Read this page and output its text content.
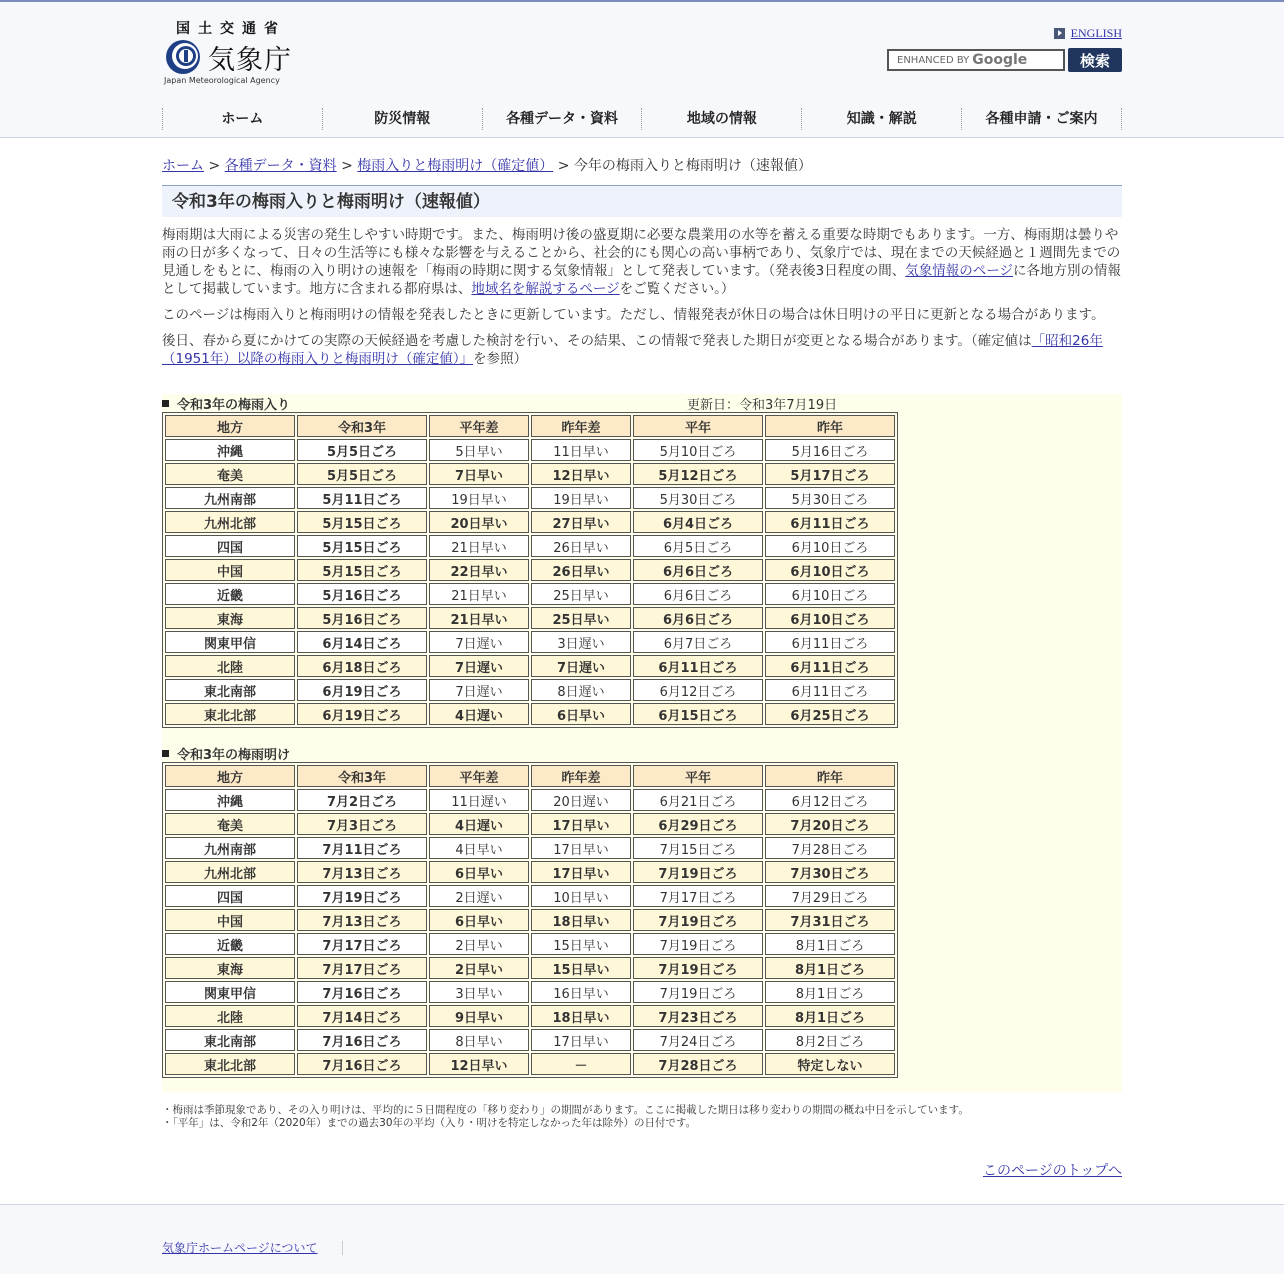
国土交通省
気象庁
Japan Meteorological Agency
ENGLISH
ENHANCED BY Google	検索
ホーム	防災情報	各種データ・資料	地域の情報	知識・解説	各種申請・ご案内
ホーム > 各種データ・資料 > 梅雨入りと梅雨明け（確定値） > 今年の梅雨入りと梅雨明け（速報値）
令和3年の梅雨入りと梅雨明け（速報値）

梅雨期は大雨による災害の発生しやすい時期です。また、梅雨明け後の盛夏期に必要な農業用の水等を蓄える重要な時期でもあります。一方、梅雨期は曇りや雨の日が多くなって、日々の生活等にも様々な影響を与えることから、社会的にも関心の高い事柄であり、気象庁では、現在までの天候経過と１週間先までの見通しをもとに、梅雨の入り明けの速報を「梅雨の時期に関する気象情報」として発表しています。（発表後3日程度の間、気象情報のページに各地方別の情報として掲載しています。地方に含まれる都府県は、地域名を解説するページをご覧ください。）

このページは梅雨入りと梅雨明けの情報を発表したときに更新しています。ただし、情報発表が休日の場合は休日明けの平日に更新となる場合があります。

後日、春から夏にかけての実際の天候経過を考慮した検討を行い、その結果、この情報で発表した期日が変更となる場合があります。（確定値は「昭和26年（1951年）以降の梅雨入りと梅雨明け（確定値）」を参照）

令和3年の梅雨入り	更新日：令和3年7月19日
地方	令和3年	平年差	昨年差	平年	昨年
沖縄	5月5日ごろ	5日早い	11日早い	5月10日ごろ	5月16日ごろ
奄美	5月5日ごろ	7日早い	12日早い	5月12日ごろ	5月17日ごろ
九州南部	5月11日ごろ	19日早い	19日早い	5月30日ごろ	5月30日ごろ
九州北部	5月15日ごろ	20日早い	27日早い	6月4日ごろ	6月11日ごろ
四国	5月15日ごろ	21日早い	26日早い	6月5日ごろ	6月10日ごろ
中国	5月15日ごろ	22日早い	26日早い	6月6日ごろ	6月10日ごろ
近畿	5月16日ごろ	21日早い	25日早い	6月6日ごろ	6月10日ごろ
東海	5月16日ごろ	21日早い	25日早い	6月6日ごろ	6月10日ごろ
関東甲信	6月14日ごろ	7日遅い	3日遅い	6月7日ごろ	6月11日ごろ
北陸	6月18日ごろ	7日遅い	7日遅い	6月11日ごろ	6月11日ごろ
東北南部	6月19日ごろ	7日遅い	8日遅い	6月12日ごろ	6月11日ごろ
東北北部	6月19日ごろ	4日遅い	6日早い	6月15日ごろ	6月25日ごろ
令和3年の梅雨明け
地方	令和3年	平年差	昨年差	平年	昨年
沖縄	7月2日ごろ	11日遅い	20日遅い	6月21日ごろ	6月12日ごろ
奄美	7月3日ごろ	4日遅い	17日早い	6月29日ごろ	7月20日ごろ
九州南部	7月11日ごろ	4日早い	17日早い	7月15日ごろ	7月28日ごろ
九州北部	7月13日ごろ	6日早い	17日早い	7月19日ごろ	7月30日ごろ
四国	7月19日ごろ	2日遅い	10日早い	7月17日ごろ	7月29日ごろ
中国	7月13日ごろ	6日早い	18日早い	7月19日ごろ	7月31日ごろ
近畿	7月17日ごろ	2日早い	15日早い	7月19日ごろ	8月1日ごろ
東海	7月17日ごろ	2日早い	15日早い	7月19日ごろ	8月1日ごろ
関東甲信	7月16日ごろ	3日早い	16日早い	7月19日ごろ	8月1日ごろ
北陸	7月14日ごろ	9日早い	18日早い	7月23日ごろ	8月1日ごろ
東北南部	7月16日ごろ	8日早い	17日早い	7月24日ごろ	8月2日ごろ
東北北部	7月16日ごろ	12日早い	－	7月28日ごろ	特定しない
・梅雨は季節現象であり、その入り明けは、平均的に５日間程度の「移り変わり」の期間があります。ここに掲載した期日は移り変わりの期間の概ね中日を示しています。
・「平年」は、令和2年（2020年）までの過去30年の平均（入り・明けを特定しなかった年は除外）の日付です。
このページのトップへ
気象庁ホームページについて
